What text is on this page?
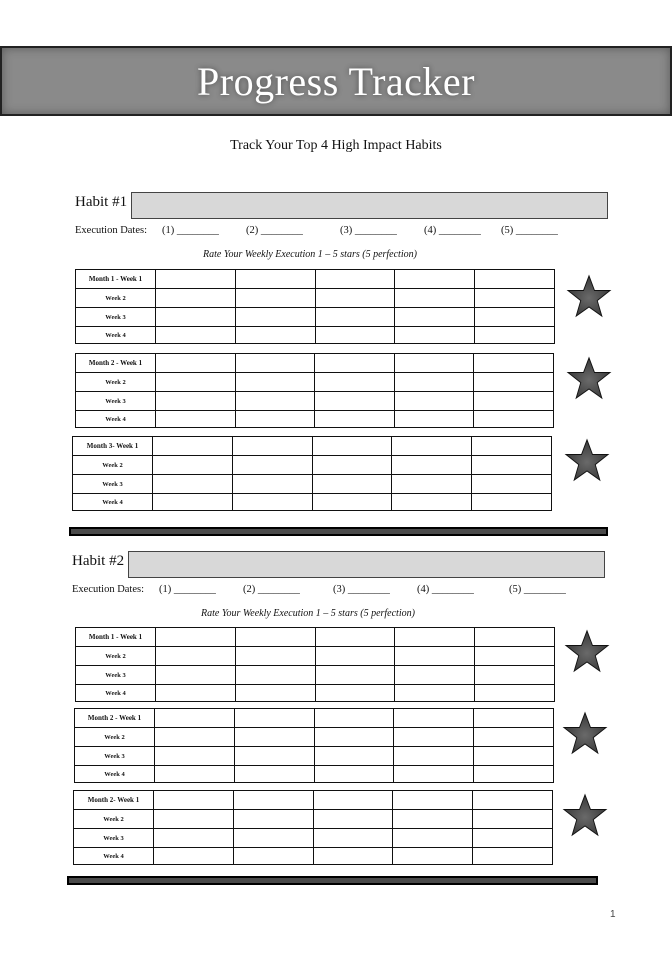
Progress Tracker
Track Your Top 4 High Impact Habits
Habit #1
Execution Dates: (1) ________	(2) ________	(3) ________	(4) ________ (5) ________
Rate Your Weekly Execution 1 – 5 stars (5 perfection)
Month 1 - Week 1					
Week 2					
Week 3					
Week 4					
Month 2 - Week 1					
Week 2					
Week 3					
Week 4					
Month 3- Week 1					
Week 2					
Week 3					
Week 4					
Habit #2
Execution Dates: (1) ________	(2) ________	(3) ________	(4) ________	(5) ________
Rate Your Weekly Execution 1 – 5 stars (5 perfection)
Month 1 - Week 1					
Week 2					
Week 3					
Week 4					
Month 2 - Week 1					
Week 2					
Week 3					
Week 4					
Month 2- Week 1					
Week 2					
Week 3					
Week 4					
1
